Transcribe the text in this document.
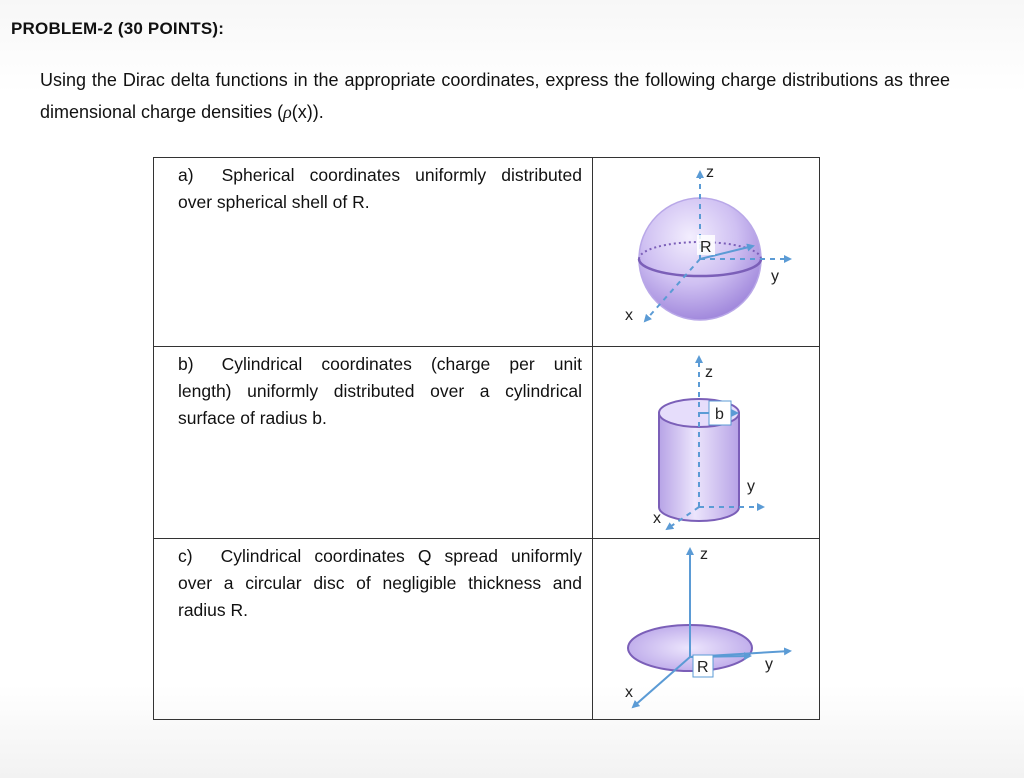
PROBLEM-2 (30 POINTS):
Using the Dirac delta functions in the appropriate coordinates, express the following charge distributions as three dimensional charge densities (ρ(x)).
a) Spherical coordinates uniformly distributed over spherical shell of R.	R
z
y
x

b) Cylindrical coordinates (charge per unit length) uniformly distributed over a cylindrical surface of radius b.	b
z
y
x

c) Cylindrical coordinates Q spread uniformly over a circular disc of negligible thickness and radius R.	R
z
y
x
